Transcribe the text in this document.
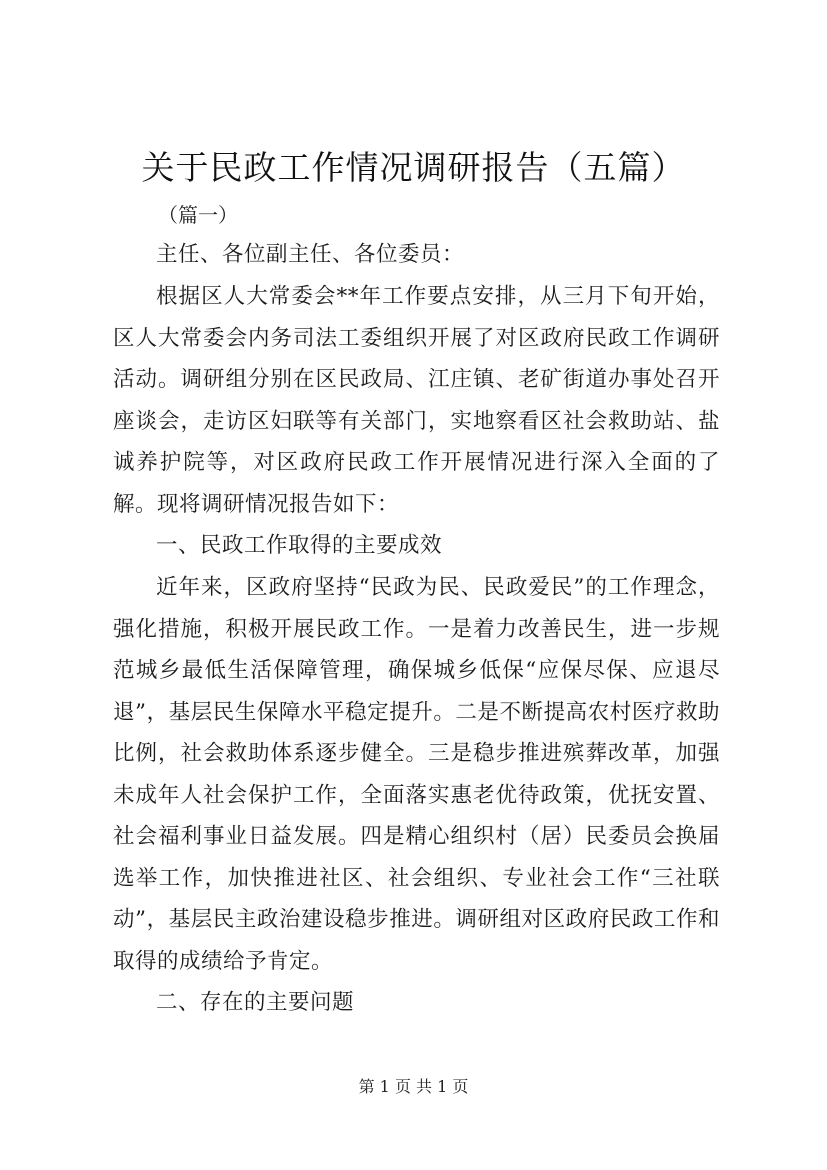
关于民政工作情况调研报告（五篇）
（篇一）

主任、各位副主任、各位委员：

根据区人大常委会**年工作要点安排，从三月下旬开始，区人大常委会内务司法工委组织开展了对区政府民政工作调研活动。调研组分别在区民政局、江庄镇、老矿街道办事处召开座谈会，走访区妇联等有关部门，实地察看区社会救助站、盐诚养护院等，对区政府民政工作开展情况进行深入全面的了解。现将调研情况报告如下：

一、民政工作取得的主要成效

近年来，区政府坚持“民政为民、民政爱民”的工作理念，强化措施，积极开展民政工作。一是着力改善民生，进一步规范城乡最低生活保障管理，确保城乡低保“应保尽保、应退尽退”，基层民生保障水平稳定提升。二是不断提高农村医疗救助比例，社会救助体系逐步健全。三是稳步推进殡葬改革，加强未成年人社会保护工作，全面落实惠老优待政策，优抚安置、社会福利事业日益发展。四是精心组织村（居）民委员会换届选举工作，加快推进社区、社会组织、专业社会工作“三社联动”，基层民主政治建设稳步推进。调研组对区政府民政工作和取得的成绩给予肯定。

二、存在的主要问题

第 1 页 共 1 页
